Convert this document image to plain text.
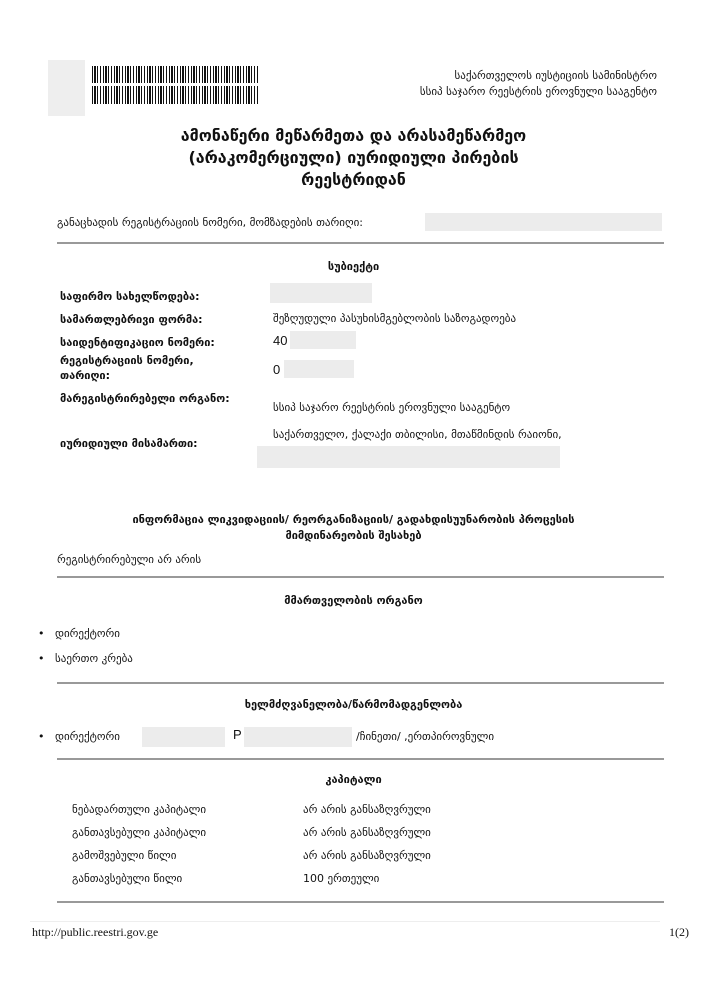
საქართველოს იუსტიციის სამინისტრო
სსიპ საჯარო რეესტრის ეროვნული სააგენტო
ამონაწერი მეწარმეთა და არასამეწარმეო
(არაკომერციული) იურიდიული პირების
რეესტრიდან
განაცხადის რეგისტრაციის ნომერი, მომზადების თარიღი:
სუბიექტი
საფირმო სახელწოდება:
სამართლებრივი ფორმა:	შეზღუდული პასუხისმგებლობის საზოგადოება
საიდენტიფიკაციო ნომერი:	40
რეგისტრაციის ნომერი, თარიღი:	0
მარეგისტრირებელი ორგანო:
სსიპ საჯარო რეესტრის ეროვნული სააგენტო
იურიდიული მისამართი:
საქართველო, ქალაქი თბილისი, მთაწმინდის რაიონი,
ინფორმაცია ლიკვიდაციის/ რეორგანიზაციის/ გადახდისუუნარობის პროცესის
მიმდინარეობის შესახებ
რეგისტრირებული არ არის
მმართველობის ორგანო
•   დირექტორი
•   საერთო კრება
ხელმძღვანელობა/წარმომადგენლობა
•   დირექტორი	P	/ჩინეთი/ ,ერთპიროვნული
კაპიტალი
ნებადართული კაპიტალი	არ არის განსაზღვრული
განთავსებული კაპიტალი	არ არის განსაზღვრული
გამოშვებული წილი	არ არის განსაზღვრული
განთავსებული წილი	100 ერთეული
http://public.reestri.gov.ge	1(2)
